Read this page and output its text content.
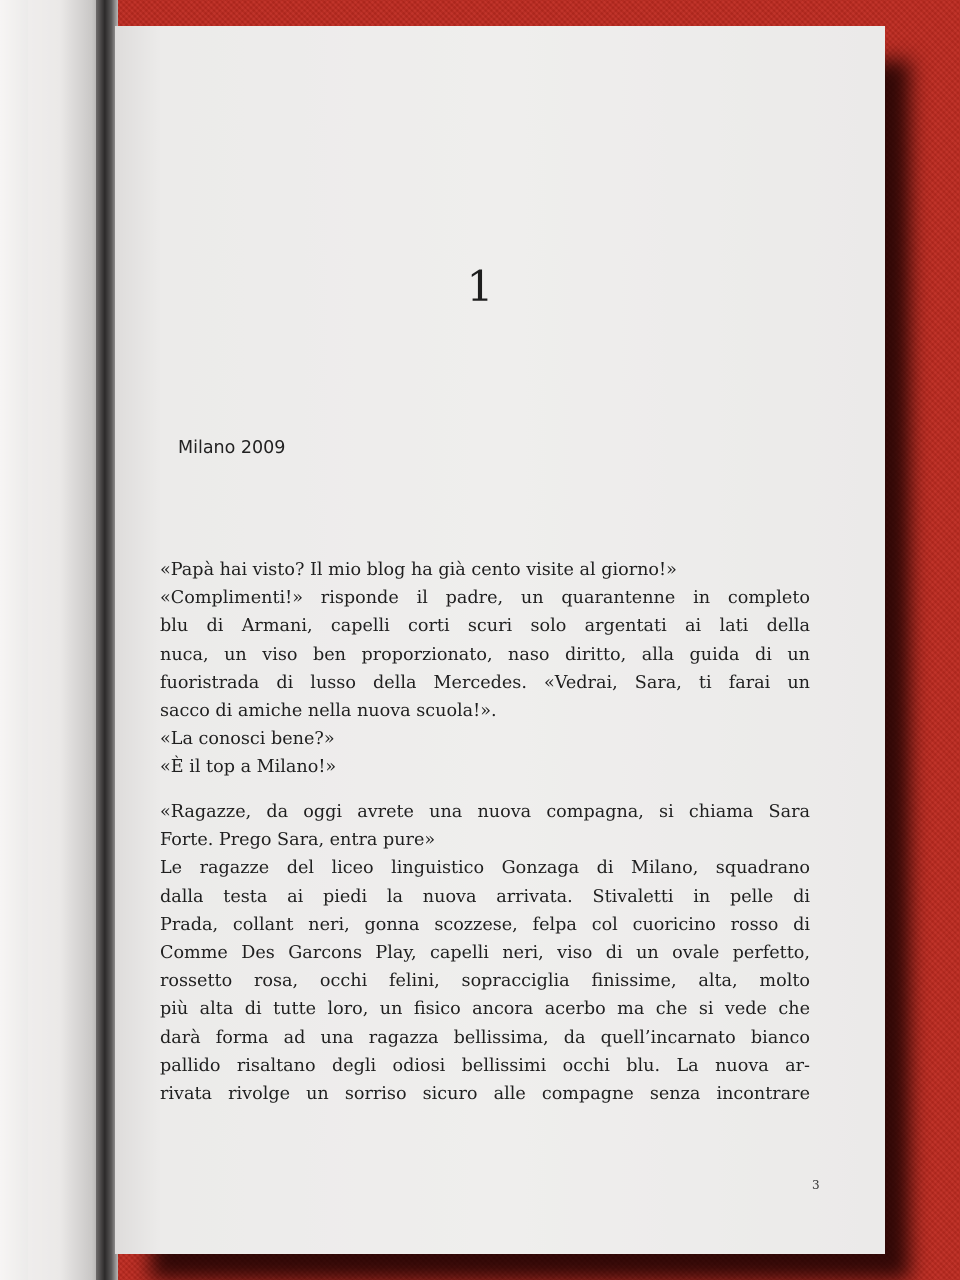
1
Milano 2009
«Papà hai visto? Il mio blog ha già cento visite al giorno!»
«Complimenti!» risponde il padre, un quarantenne in completo
blu di Armani, capelli corti scuri solo argentati ai lati della
nuca, un viso ben proporzionato, naso diritto, alla guida di un
fuoristrada di lusso della Mercedes. «Vedrai, Sara, ti farai un
sacco di amiche nella nuova scuola!».
«La conosci bene?»
«È il top a Milano!»
«Ragazze, da oggi avrete una nuova compagna, si chiama Sara
Forte. Prego Sara, entra pure»
Le ragazze del liceo linguistico Gonzaga di Milano, squadrano
dalla testa ai piedi la nuova arrivata. Stivaletti in pelle di
Prada, collant neri, gonna scozzese, felpa col cuoricino rosso di
Comme Des Garcons Play, capelli neri, viso di un ovale perfetto,
rossetto rosa, occhi felini, sopracciglia finissime, alta, molto
più alta di tutte loro, un fisico ancora acerbo ma che si vede che
darà forma ad una ragazza bellissima, da quell’incarnato bianco
pallido risaltano degli odiosi bellissimi occhi blu. La nuova ar-
rivata rivolge un sorriso sicuro alle compagne senza incontrare
3
